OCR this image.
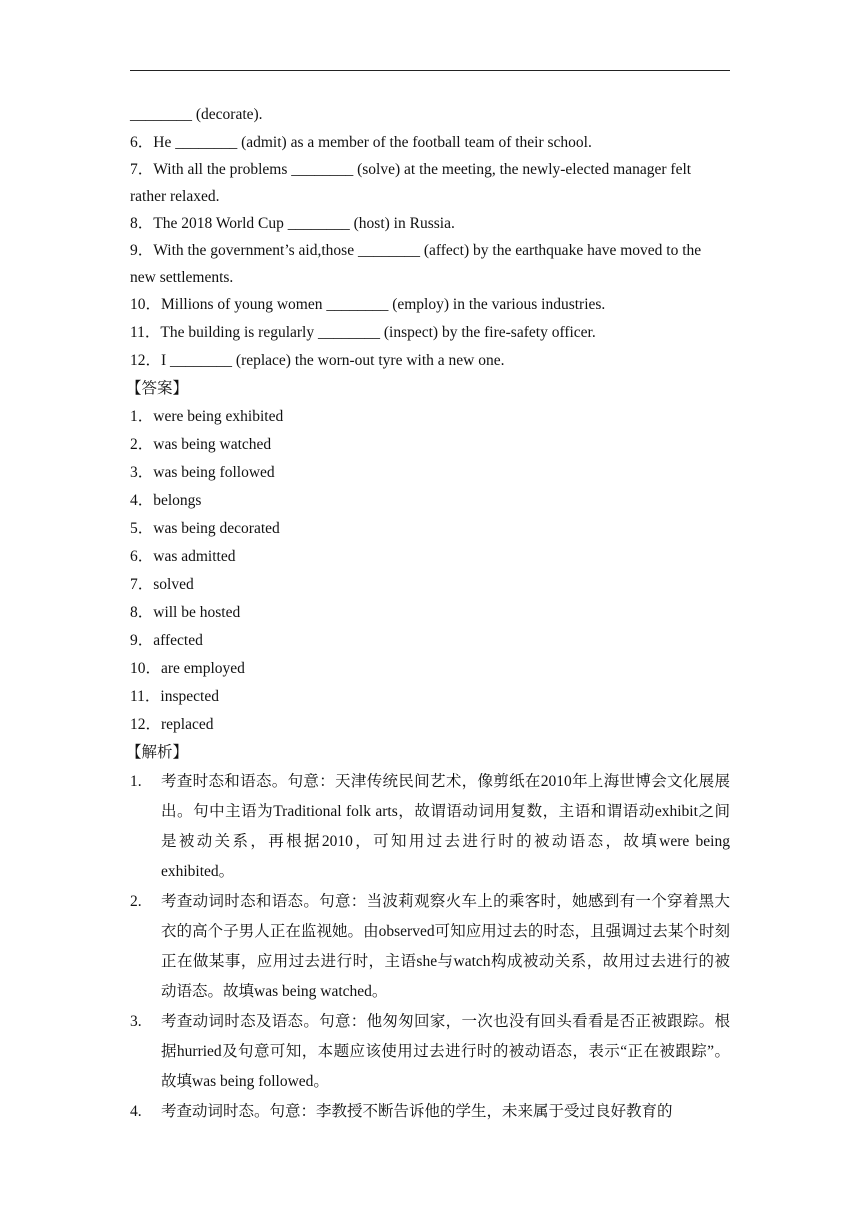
________ (decorate).
6．He ________ (admit) as a member of the football team of their school.

7．With all the problems ________ (solve) at the meeting, the newly-elected manager felt rather relaxed.

8．The 2018 World Cup ________ (host) in Russia.

9．With the government’s aid,those ________ (affect) by the earthquake have moved to the new settlements.

10．Millions of young women ________ (employ) in the various industries.
11．The building is regularly ________ (inspect) by the fire-safety officer.
12．I ________ (replace) the worn-out tyre with a new one.
【答案】
1．were being exhibited
2．was being watched
3．was being followed
4．belongs
5．was being decorated
6．was admitted
7．solved
8．will be hosted
9．affected
10．are employed
11．inspected
12．replaced
【解析】
1. 考查时态和语态。句意：天津传统民间艺术，像剪纸在2010年上海世博会文化展展出。句中主语为Traditional folk arts，故谓语动词用复数，主语和谓语动exhibit之间是被动关系，再根据2010，可知用过去进行时的被动语态，故填were being exhibited。
2. 考查动词时态和语态。句意：当波莉观察火车上的乘客时，她感到有一个穿着黑大衣的高个子男人正在监视她。由observed可知应用过去的时态，且强调过去某个时刻正在做某事，应用过去进行时，主语she与watch构成被动关系，故用过去进行的被动语态。故填was being watched。
3. 考查动词时态及语态。句意：他匆匆回家，一次也没有回头看看是否正被跟踪。根据hurried及句意可知，本题应该使用过去进行时的被动语态，表示“正在被跟踪”。故填was being followed。
4. 考查动词时态。句意：李教授不断告诉他的学生，未来属于受过良好教育的
